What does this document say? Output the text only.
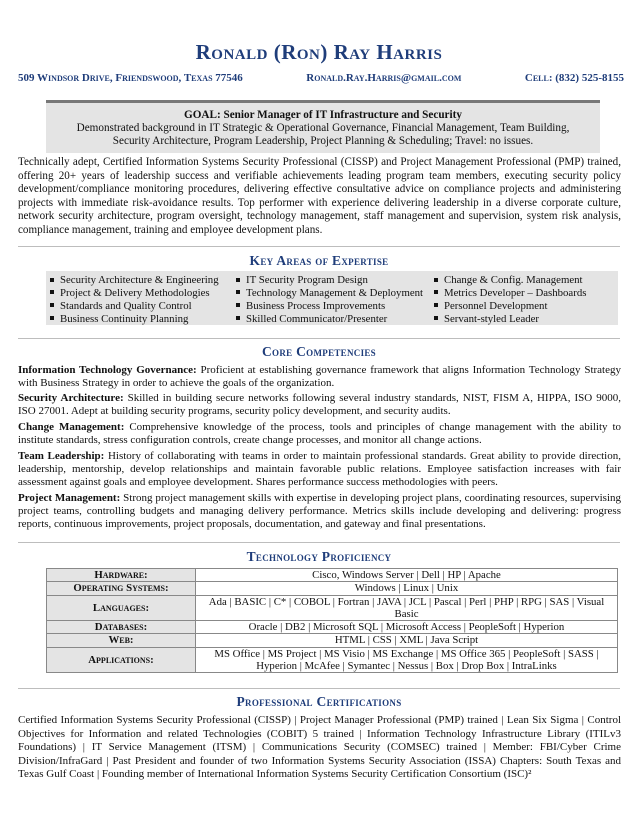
Ronald (Ron) Ray Harris
509 Windsor Drive, Friendswood, Texas 77546	Ronald.Ray.Harris@gmail.com	Cell: (832) 525-8155
GOAL: Senior Manager of IT Infrastructure and Security
Demonstrated background in IT Strategic & Operational Governance, Financial Management, Team Building,
Security Architecture, Program Leadership, Project Planning & Scheduling; Travel: no issues.
Technically adept, Certified Information Systems Security Professional (CISSP) and Project Management Professional (PMP) trained, offering 20+ years of leadership success and verifiable achievements leading program team members, executing security policy development/compliance monitoring procedures, delivering effective consultative advice on compliance projects and administering projects with immediate risk-avoidance results. Top performer with experience delivering leadership in a diverse corporate culture, network security architecture, program oversight, technology management, staff management and supervision, system risk analysis, compliance management, training and employee development plans.
Key Areas of Expertise
Security Architecture & Engineering
Project & Delivery Methodologies
Standards and Quality Control
Business Continuity Planning
IT Security Program Design
Technology Management & Deployment
Business Process Improvements
Skilled Communicator/Presenter
Change & Config. Management
Metrics Developer – Dashboards
Personnel Development
Servant-styled Leader
Core Competencies
Information Technology Governance: Proficient at establishing governance framework that aligns Information Technology Strategy with Business Strategy in order to achieve the goals of the organization.
Security Architecture: Skilled in building secure networks following several industry standards, NIST, FISM A, HIPPA, ISO 9000, ISO 27001. Adept at building security programs, security policy development, and security audits.
Change Management: Comprehensive knowledge of the process, tools and principles of change management with the ability to institute standards, stress configuration controls, create change processes, and monitor all change actions.
Team Leadership: History of collaborating with teams in order to maintain professional standards. Great ability to provide direction, leadership, mentorship, develop relationships and maintain favorable public relations. Employee satisfaction increases with fair assessment against goals and employee development. Shares performance success methodologies with peers.
Project Management: Strong project management skills with expertise in developing project plans, coordinating resources, supervising project teams, controlling budgets and managing delivery performance. Metrics skills include developing and delivering: progress reports, continuous improvements, project proposals, documentation, and gateway and final presentations.
Technology Proficiency
Hardware:	Cisco, Windows Server | Dell | HP | Apache
Operating Systems:	Windows | Linux | Unix
Languages:	Ada | BASIC | C* | COBOL | Fortran | JAVA | JCL | Pascal | Perl | PHP | RPG | SAS | Visual Basic
Databases:	Oracle | DB2 | Microsoft SQL | Microsoft Access | PeopleSoft | Hyperion
Web:	HTML | CSS | XML | Java Script
Applications:	MS Office | MS Project | MS Visio | MS Exchange | MS Office 365 | PeopleSoft | SASS | Hyperion | McAfee | Symantec | Nessus | Box | Drop Box | IntraLinks
Professional Certifications
Certified Information Systems Security Professional (CISSP) | Project Manager Professional (PMP) trained | Lean Six Sigma | Control Objectives for Information and related Technologies (COBIT) 5 trained | Information Technology Infrastructure Library (ITILv3 Foundations) | IT Service Management (ITSM) | Communications Security (COMSEC) trained | Member: FBI/Cyber Crime Division/InfraGard | Past President and founder of two Information Systems Security Association (ISSA) Chapters: South Texas and Texas Gulf Coast | Founding member of International Information Systems Security Certification Consortium (ISC)²
